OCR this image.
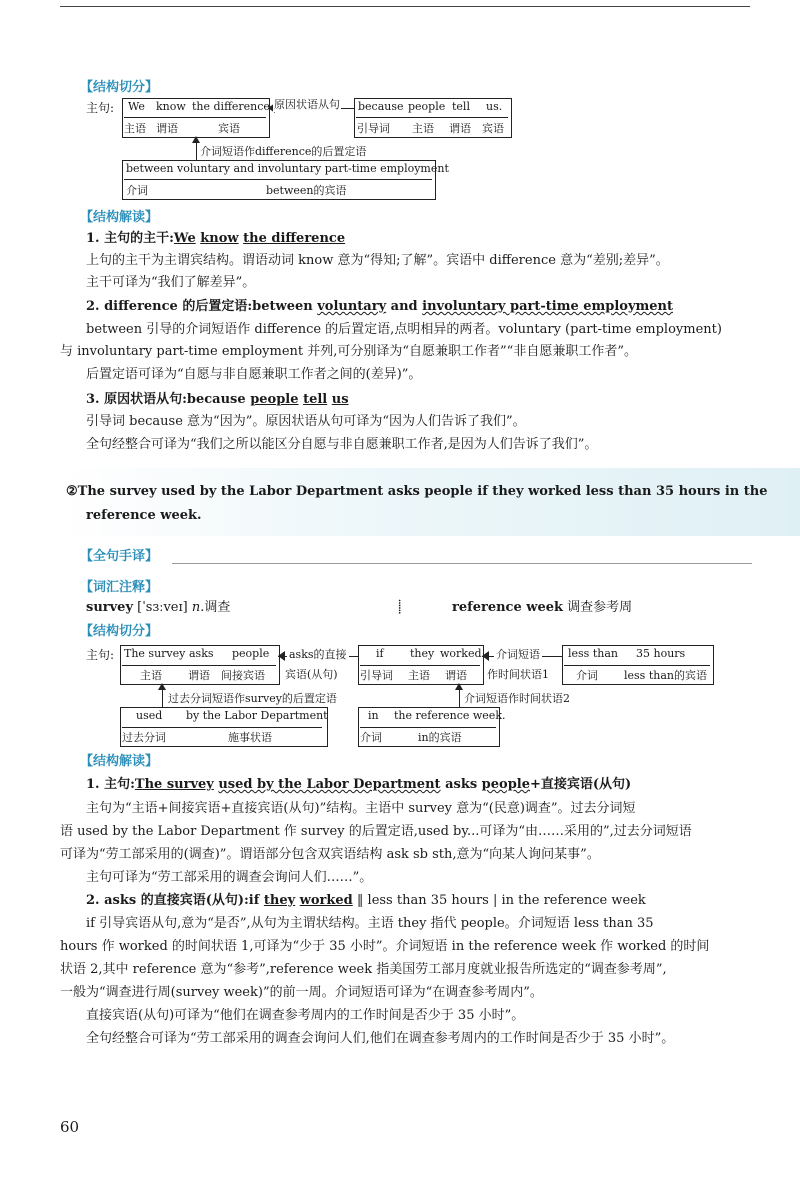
【结构切分】
主句: We know the difference
主语 谓语	宾语
原因状语从句 because people tell us.
引导词 主语 谓语 宾语
介词短语作difference的后置定语
between voluntary and involuntary part-time employment
介词	between的宾语
【结构解读】
1. 主句的主干:We know the difference
上句的主干为主谓宾结构。谓语动词 know 意为“得知;了解”。宾语中 difference 意为“差别;差异”。
主干可译为“我们了解差异”。
2. difference 的后置定语:between voluntary and involuntary part-time employment
between 引导的介词短语作 difference 的后置定语,点明相异的两者。voluntary (part-time employment)
与 involuntary part-time employment 并列,可分别译为“自愿兼职工作者”“非自愿兼职工作者”。
后置定语可译为“自愿与非自愿兼职工作者之间的(差异)”。
3. 原因状语从句:because people tell us
引导词 because 意为“因为”。原因状语从句可译为“因为人们告诉了我们”。
全句经整合可译为“我们之所以能区分自愿与非自愿兼职工作者,是因为人们告诉了我们”。
②The survey used by the Labor Department asks people if they worked less than 35 hours in the
reference week.
【全句手译】
【词汇注释】
survey [ˈsɜːveɪ] n.调查	⸽	reference week 调查参考周
【结构切分】
主句: The survey asks people
主语 谓语 间接宾语
asks的直接
宾语(从句)
if they worked
引导词 主语 谓语
介词短语
作时间状语1
less than 35 hours
介词 less than的宾语
过去分词短语作survey的后置定语	介词短语作时间状语2
used by the Labor Department
过去分词	施事状语
in the reference week.
介词	in的宾语
【结构解读】
1. 主句:The survey used by the Labor Department asks people+直接宾语(从句)
主句为“主语+间接宾语+直接宾语(从句)”结构。主语中 survey 意为“(民意)调查”。过去分词短
语 used by the Labor Department 作 survey 的后置定语,used by...可译为“由……采用的”,过去分词短语
可译为“劳工部采用的(调查)”。谓语部分包含双宾语结构 ask sb sth,意为“向某人询问某事”。
主句可译为“劳工部采用的调查会询问人们……”。
2. asks 的直接宾语(从句):if they worked ‖ less than 35 hours | in the reference week
if 引导宾语从句,意为“是否”,从句为主谓状结构。主语 they 指代 people。介词短语 less than 35
hours 作 worked 的时间状语 1,可译为“少于 35 小时”。介词短语 in the reference week 作 worked 的时间
状语 2,其中 reference 意为“参考”,reference week 指美国劳工部月度就业报告所选定的“调查参考周”,
一般为“调查进行周(survey week)”的前一周。介词短语可译为“在调查参考周内”。
直接宾语(从句)可译为“他们在调查参考周内的工作时间是否少于 35 小时”。
全句经整合可译为“劳工部采用的调查会询问人们,他们在调查参考周内的工作时间是否少于 35 小时”。
60
